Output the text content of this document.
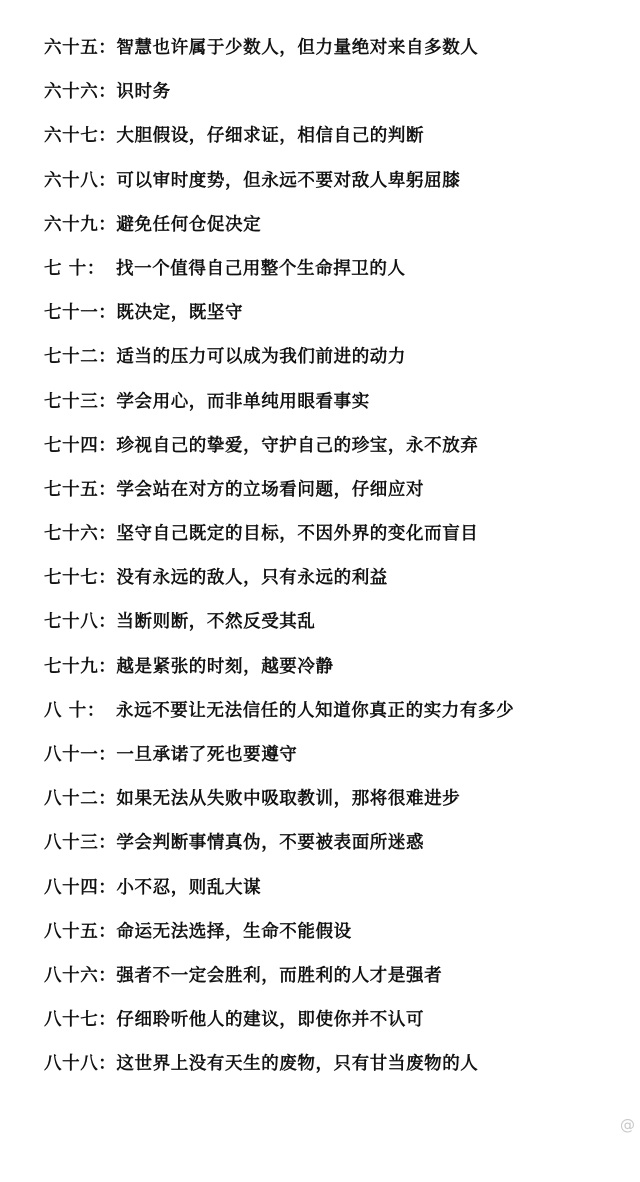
六十五：智慧也许属于少数人，但力量绝对来自多数人
六十六：识时务
六十七：大胆假设，仔细求证，相信自己的判断
六十八：可以审时度势，但永远不要对敌人卑躬屈膝
六十九：避免任何仓促决定
七 十： 找一个值得自己用整个生命捍卫的人
七十一：既决定，既坚守
七十二：适当的压力可以成为我们前进的动力
七十三：学会用心，而非单纯用眼看事实
七十四：珍视自己的挚爱，守护自己的珍宝，永不放弃
七十五：学会站在对方的立场看问题，仔细应对
七十六：坚守自己既定的目标，不因外界的变化而盲目
七十七：没有永远的敌人，只有永远的利益
七十八：当断则断，不然反受其乱
七十九：越是紧张的时刻，越要冷静
八 十： 永远不要让无法信任的人知道你真正的实力有多少
八十一：一旦承诺了死也要遵守
八十二：如果无法从失败中吸取教训，那将很难进步
八十三：学会判断事情真伪，不要被表面所迷惑
八十四：小不忍，则乱大谋
八十五：命运无法选择，生命不能假设
八十六：强者不一定会胜利，而胜利的人才是强者
八十七：仔细聆听他人的建议，即使你并不认可
八十八：这世界上没有天生的废物，只有甘当废物的人
@
